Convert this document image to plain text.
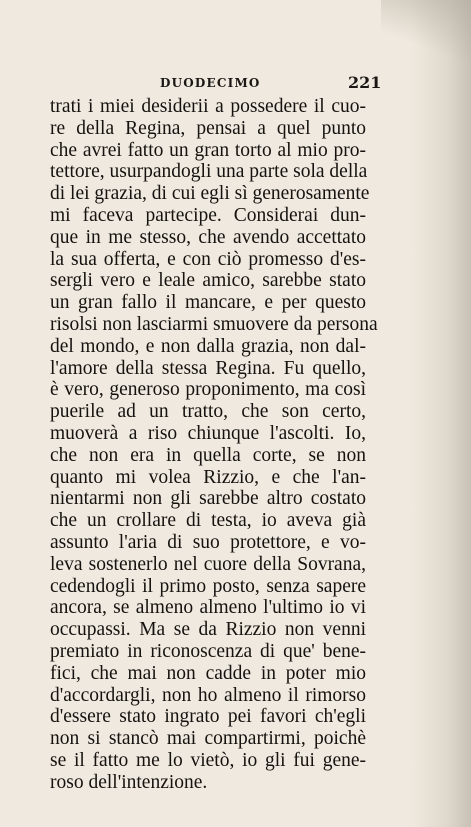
DUODECIMO	221
trati i miei desiderii a possedere il cuo-
re della Regina, pensai a quel punto
che avrei fatto un gran torto al mio pro-
tettore, usurpandogli una parte sola della
di lei grazia, di cui egli sì generosamente
mi faceva partecipe. Considerai dun-
que in me stesso, che avendo accettato
la sua offerta, e con ciò promesso d'es-
sergli vero e leale amico, sarebbe stato
un gran fallo il mancare, e per questo
risolsi non lasciarmi smuovere da persona
del mondo, e non dalla grazia, non dal-
l'amore della stessa Regina. Fu quello,
è vero, generoso proponimento, ma così
puerile ad un tratto, che son certo,
muoverà a riso chiunque l'ascolti. Io,
che non era in quella corte, se non
quanto mi volea Rizzio, e che l'an-
nientarmi non gli sarebbe altro costato
che un crollare di testa, io aveva già
assunto l'aria di suo protettore, e vo-
leva sostenerlo nel cuore della Sovrana,
cedendogli il primo posto, senza sapere
ancora, se almeno almeno l'ultimo io vi
occupassi. Ma se da Rizzio non venni
premiato in riconoscenza di que' bene-
fici, che mai non cadde in poter mio
d'accordargli, non ho almeno il rimorso
d'essere stato ingrato pei favori ch'egli
non si stancò mai compartirmi, poichè
se il fatto me lo vietò, io gli fui gene-
roso dell'intenzione.
